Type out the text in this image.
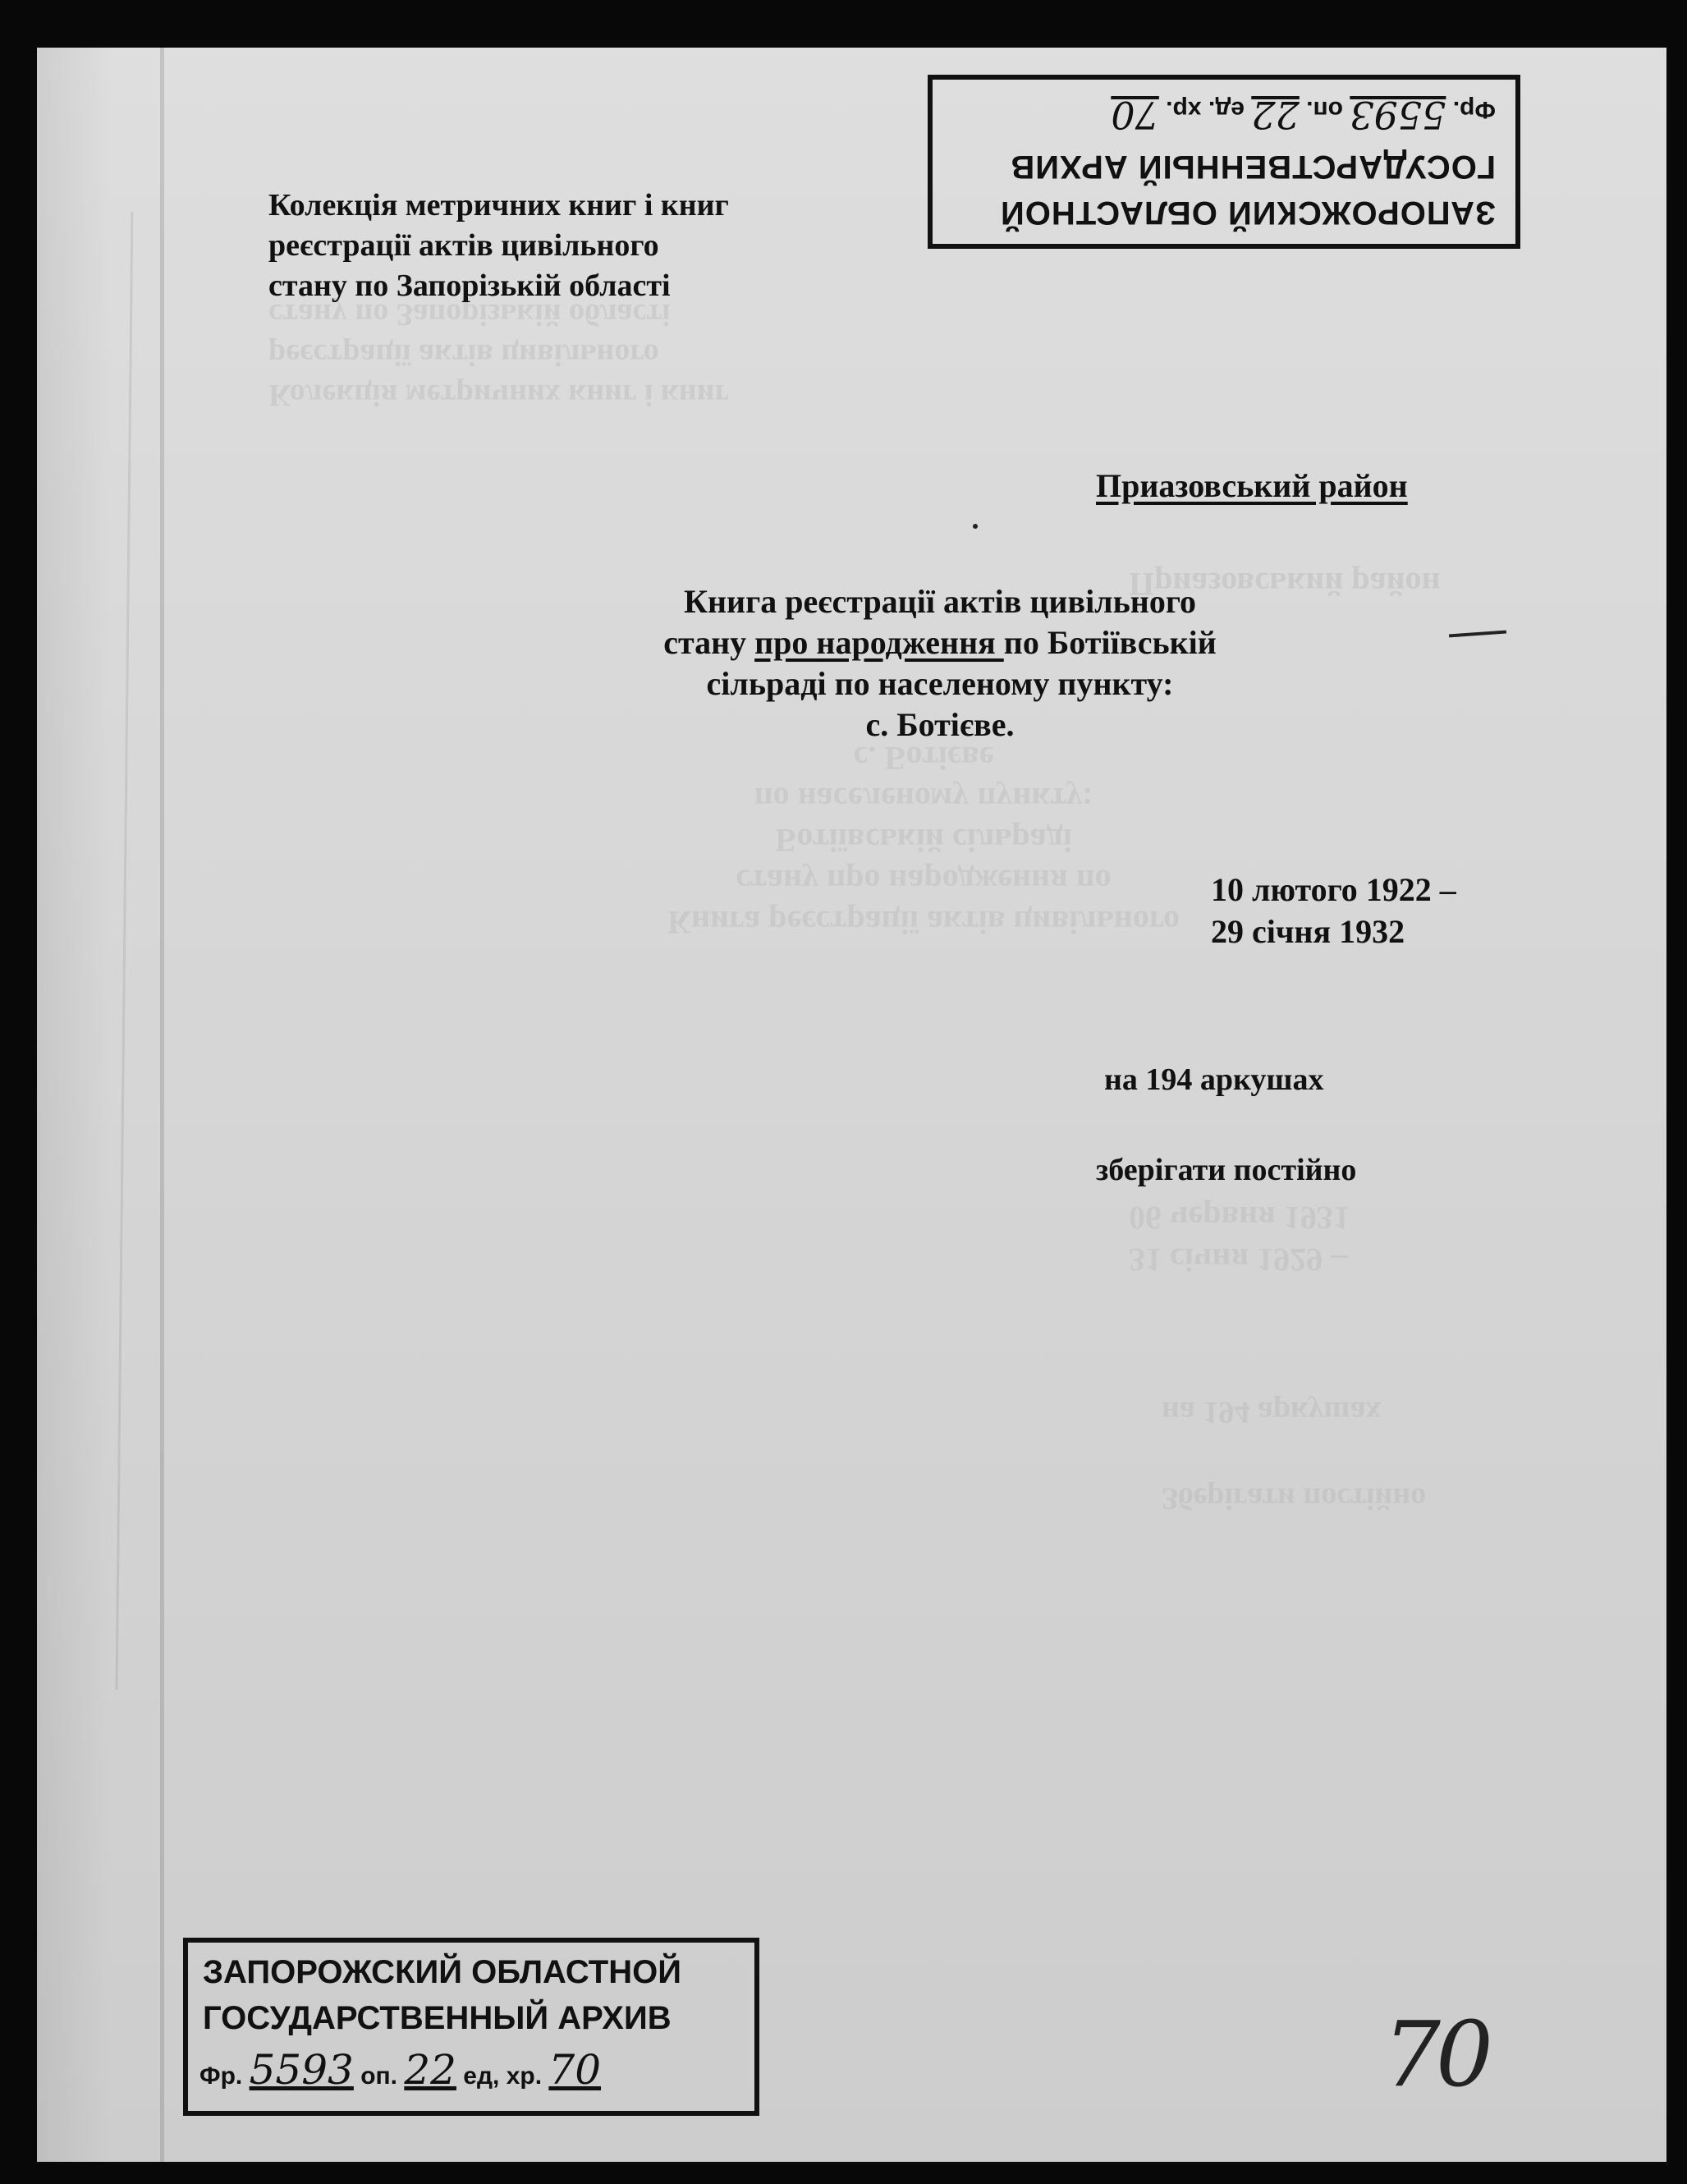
Колекція метричних книг і книг
реєстрації актів цивільного
стану по Запорізькій області
Приазовський район
Книга реєстрації актів цивільного
стану про народження по
Ботіївській сільраді
по населеному пункту:
с. Ботієве
31 січня 1929 –
06 червня 1931
на 194 аркушах
Зберігати постійно
ЗАПОРОЖСКИЙ ОБЛАСТНОЙ
ГОСУДАРСТВЕННЫЙ АРХИВ
Фр. 5593 оп. 22 ед. хр. 70
Колекція метричних книг і книг
реєстрації актів цивільного
стану по Запорізькій області
Приазовський район
Книга реєстрації актів цивільного
стану про народження по Ботіївській
сільраді по населеному пункту:
с. Ботієве.
10 лютого 1922 –
29 січня 1932
на 194 аркушах
зберігати постійно
ЗАПОРОЖСКИЙ ОБЛАСТНОЙ
ГОСУДАРСТВЕННЫЙ АРХИВ
Фр. 5593 оп. 22 ед, хр. 70	70
